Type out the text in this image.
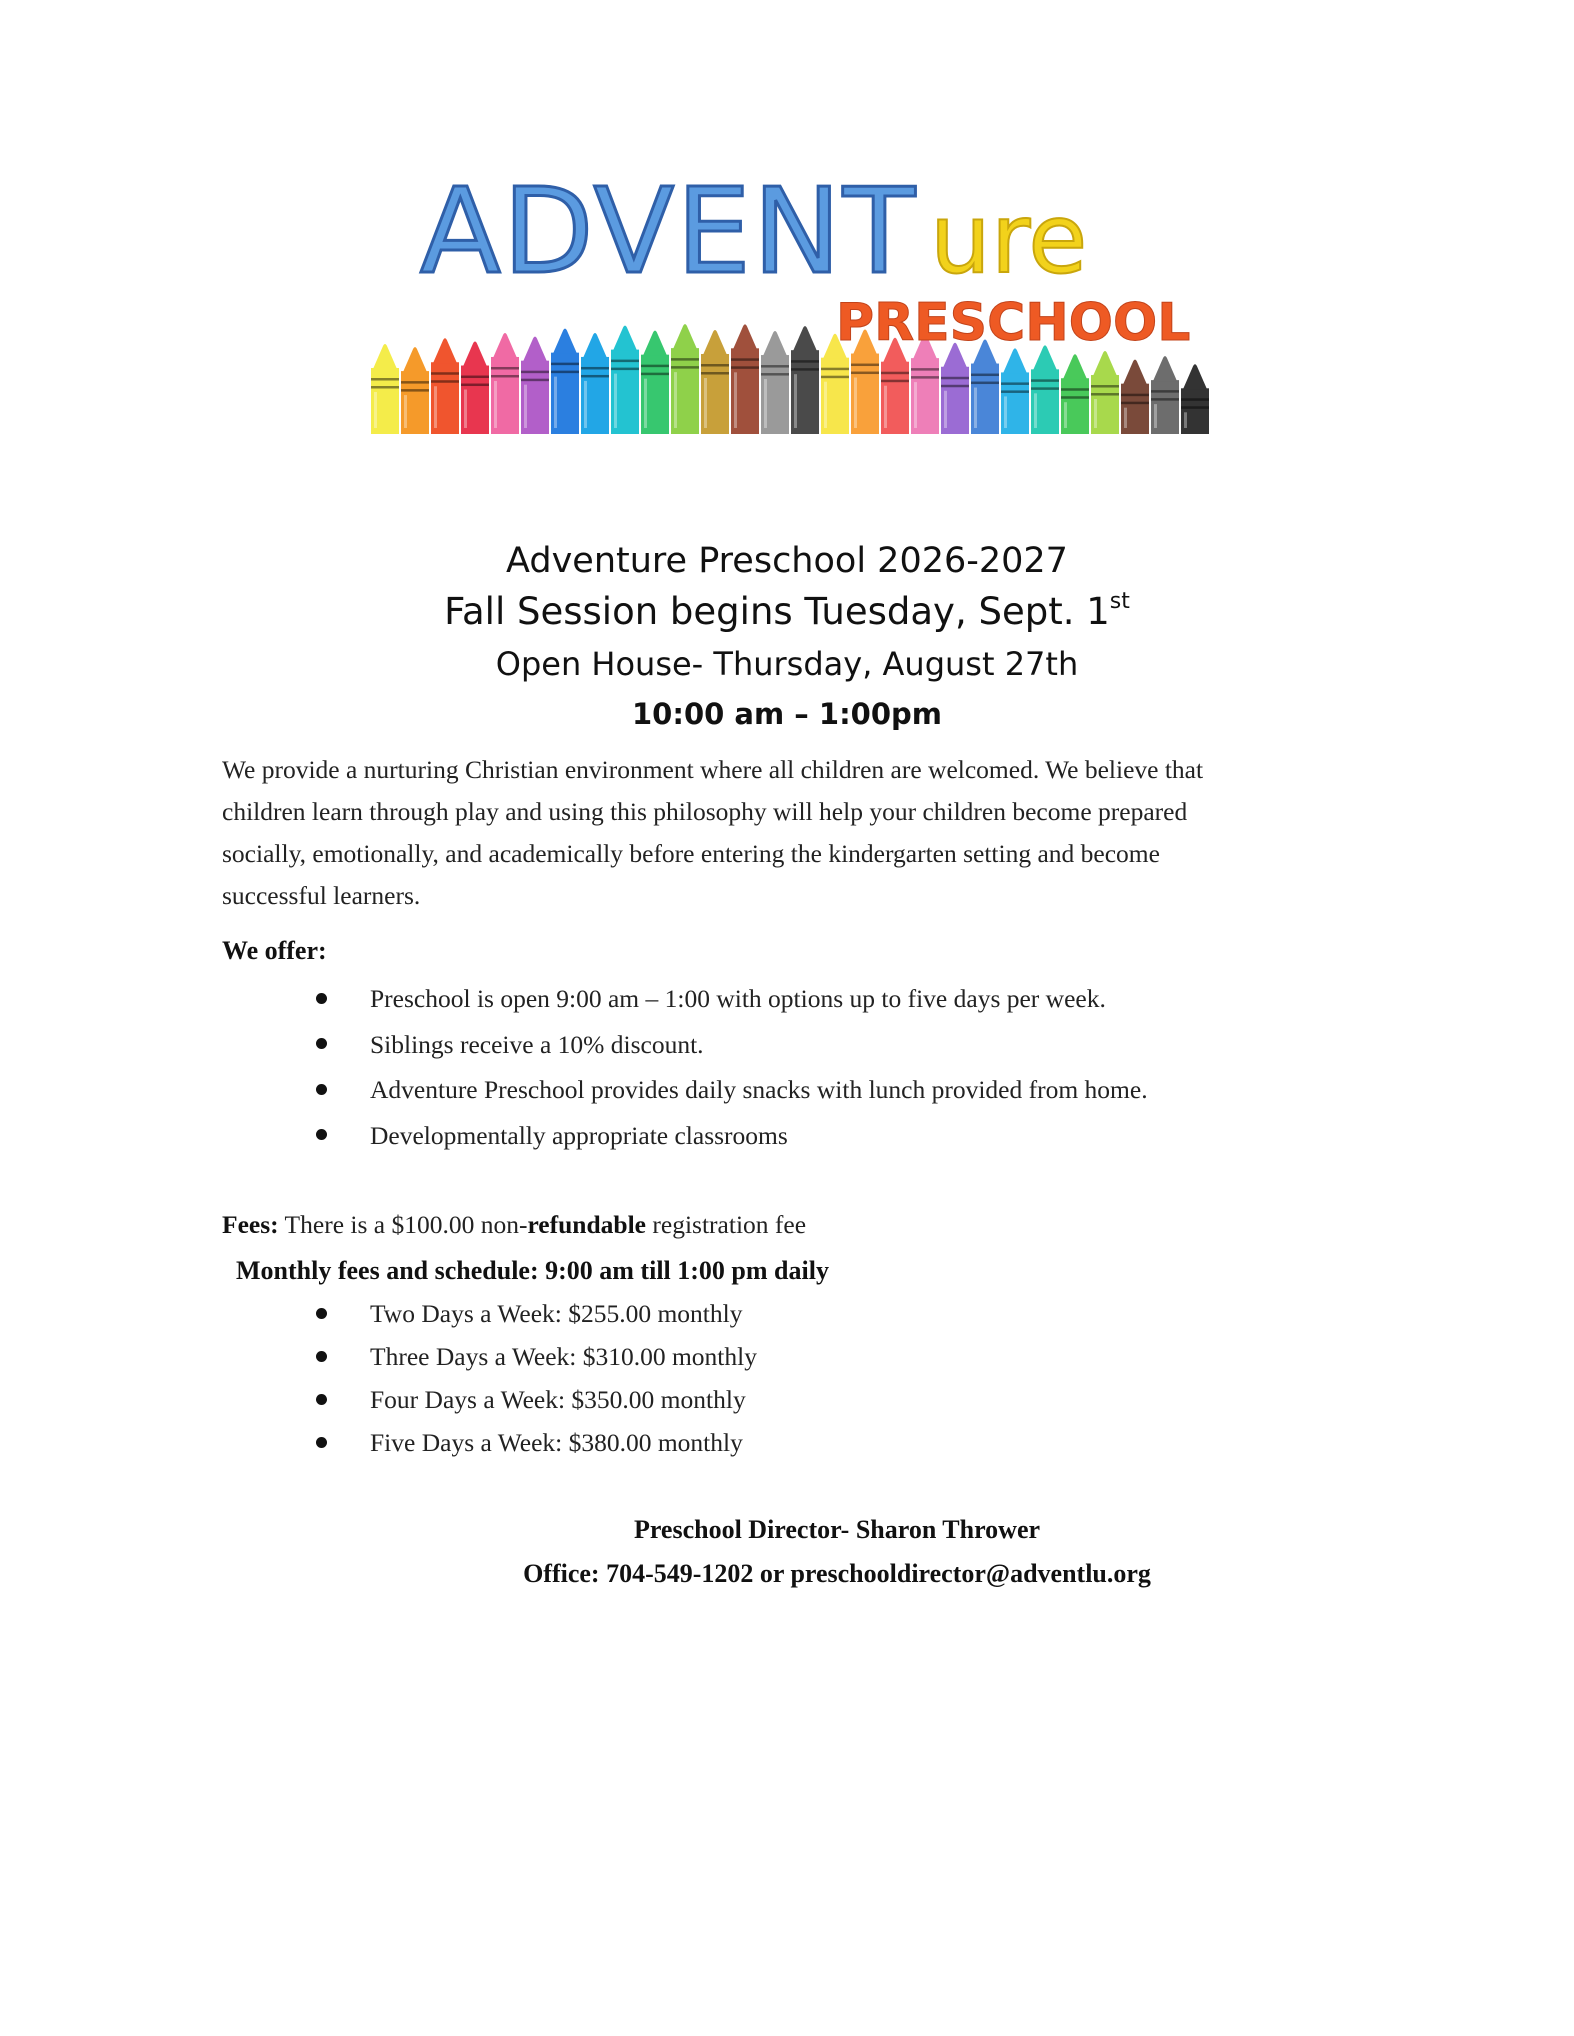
ADVENT ure
PRESCHOOL
Adventure Preschool 2026-2027
Fall Session begins Tuesday, Sept. 1st
Open House- Thursday, August 27th
10:00 am – 1:00pm
We provide a nurturing Christian environment where all children are welcomed. We believe that
children learn through play and using this philosophy will help your children become prepared
socially, emotionally, and academically before entering the kindergarten setting and become
successful learners.
We offer:
Preschool is open 9:00 am – 1:00 with options up to five days per week.
Siblings receive a 10% discount.
Adventure Preschool provides daily snacks with lunch provided from home.
Developmentally appropriate classrooms
Fees: There is a $100.00 non-refundable registration fee
Monthly fees and schedule: 9:00 am till 1:00 pm daily
Two Days a Week: $255.00 monthly
Three Days a Week: $310.00 monthly
Four Days a Week: $350.00 monthly
Five Days a Week: $380.00 monthly
Preschool Director- Sharon Thrower
Office: 704-549-1202 or preschooldirector@adventlu.org
